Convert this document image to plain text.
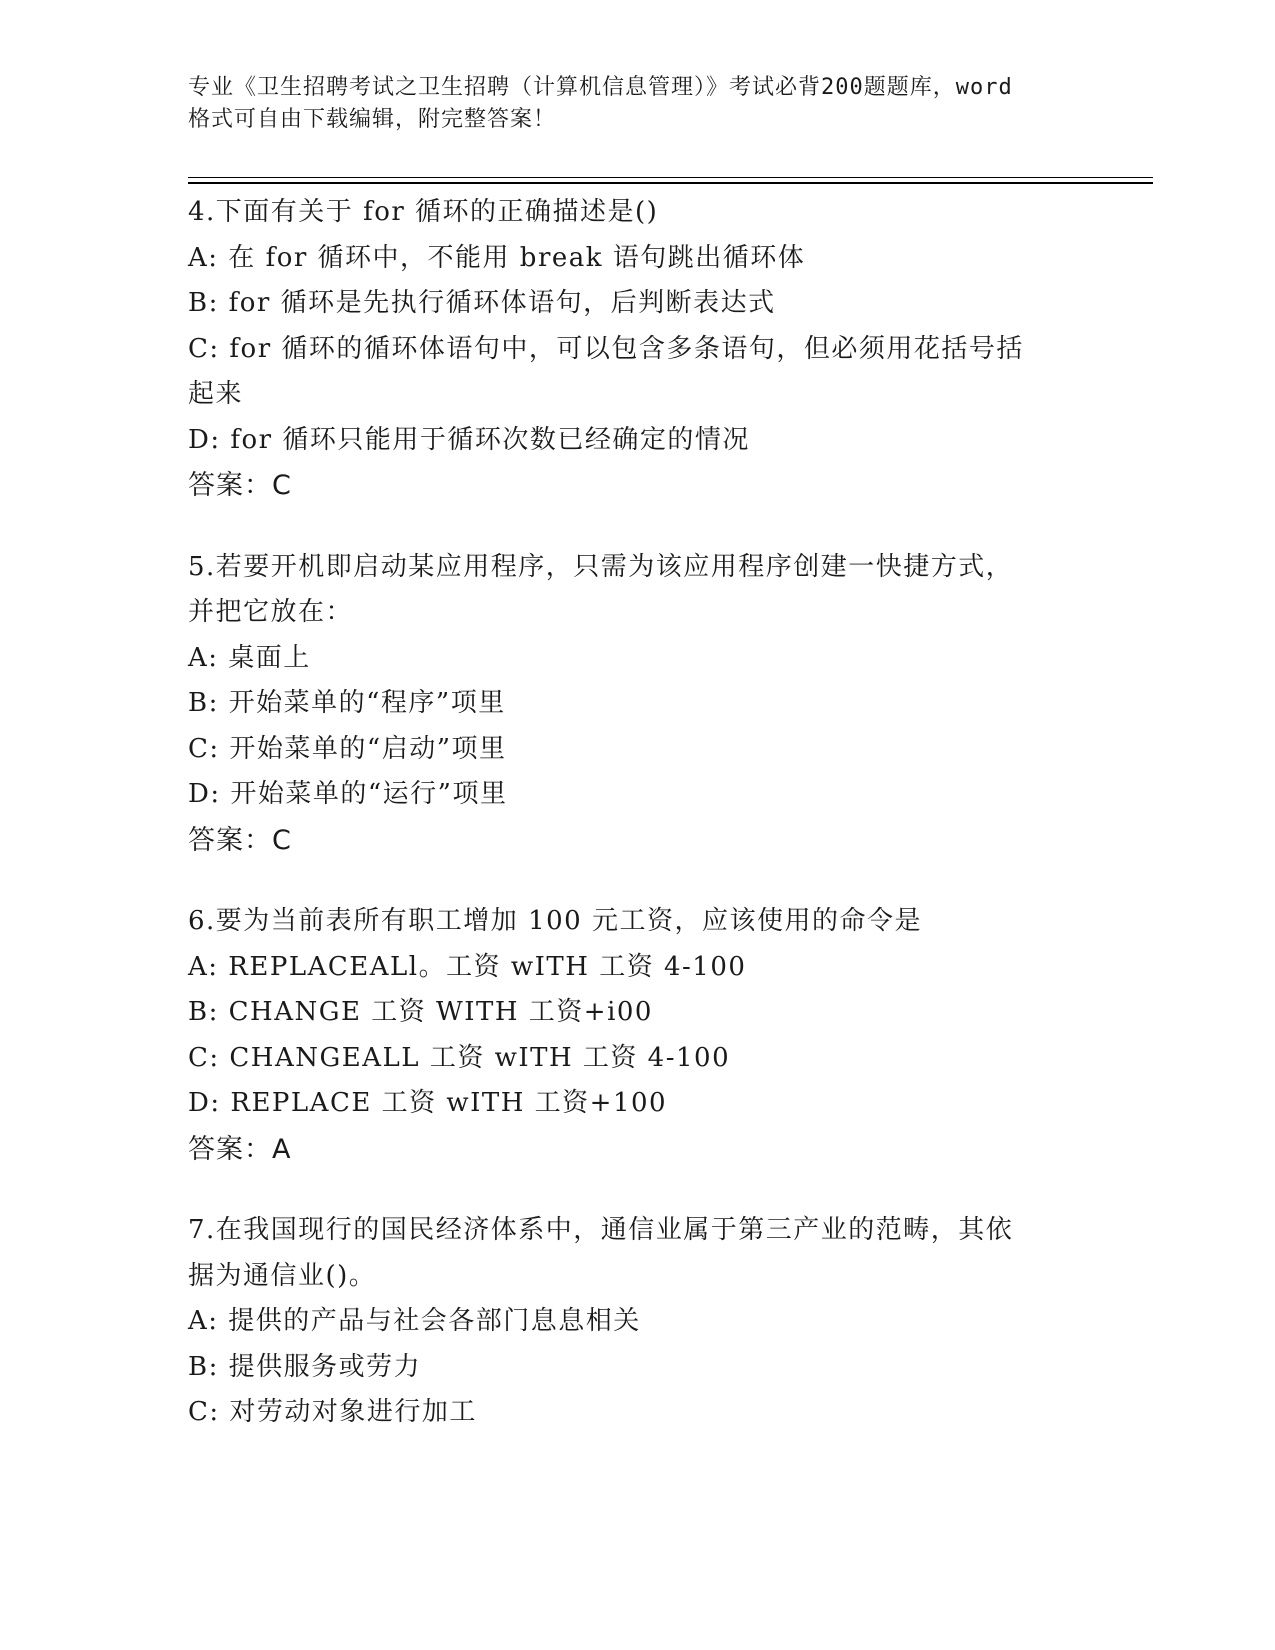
专业《卫生招聘考试之卫生招聘（计算机信息管理）》考试必背200题题库，word
格式可自由下载编辑，附完整答案！
4.下面有关于 for 循环的正确描述是()
A: 在 for 循环中，不能用 break 语句跳出循环体
B: for 循环是先执行循环体语句，后判断表达式
C: for 循环的循环体语句中，可以包含多条语句，但必须用花括号括
起来
D: for 循环只能用于循环次数已经确定的情况
答案：C
5.若要开机即启动某应用程序，只需为该应用程序创建一快捷方式，
并把它放在：
A: 桌面上
B: 开始菜单的“程序”项里
C: 开始菜单的“启动”项里
D: 开始菜单的“运行”项里
答案：C
6.要为当前表所有职工增加 100 元工资，应该使用的命令是
A: REPLACEALl。工资 wITH 工资 4-100
B: CHANGE 工资 WITH 工资+i00
C: CHANGEALL 工资 wITH 工资 4-100
D: REPLACE 工资 wITH 工资+100
答案：A
7.在我国现行的国民经济体系中，通信业属于第三产业的范畴，其依
据为通信业()。
A: 提供的产品与社会各部门息息相关
B: 提供服务或劳力
C: 对劳动对象进行加工
